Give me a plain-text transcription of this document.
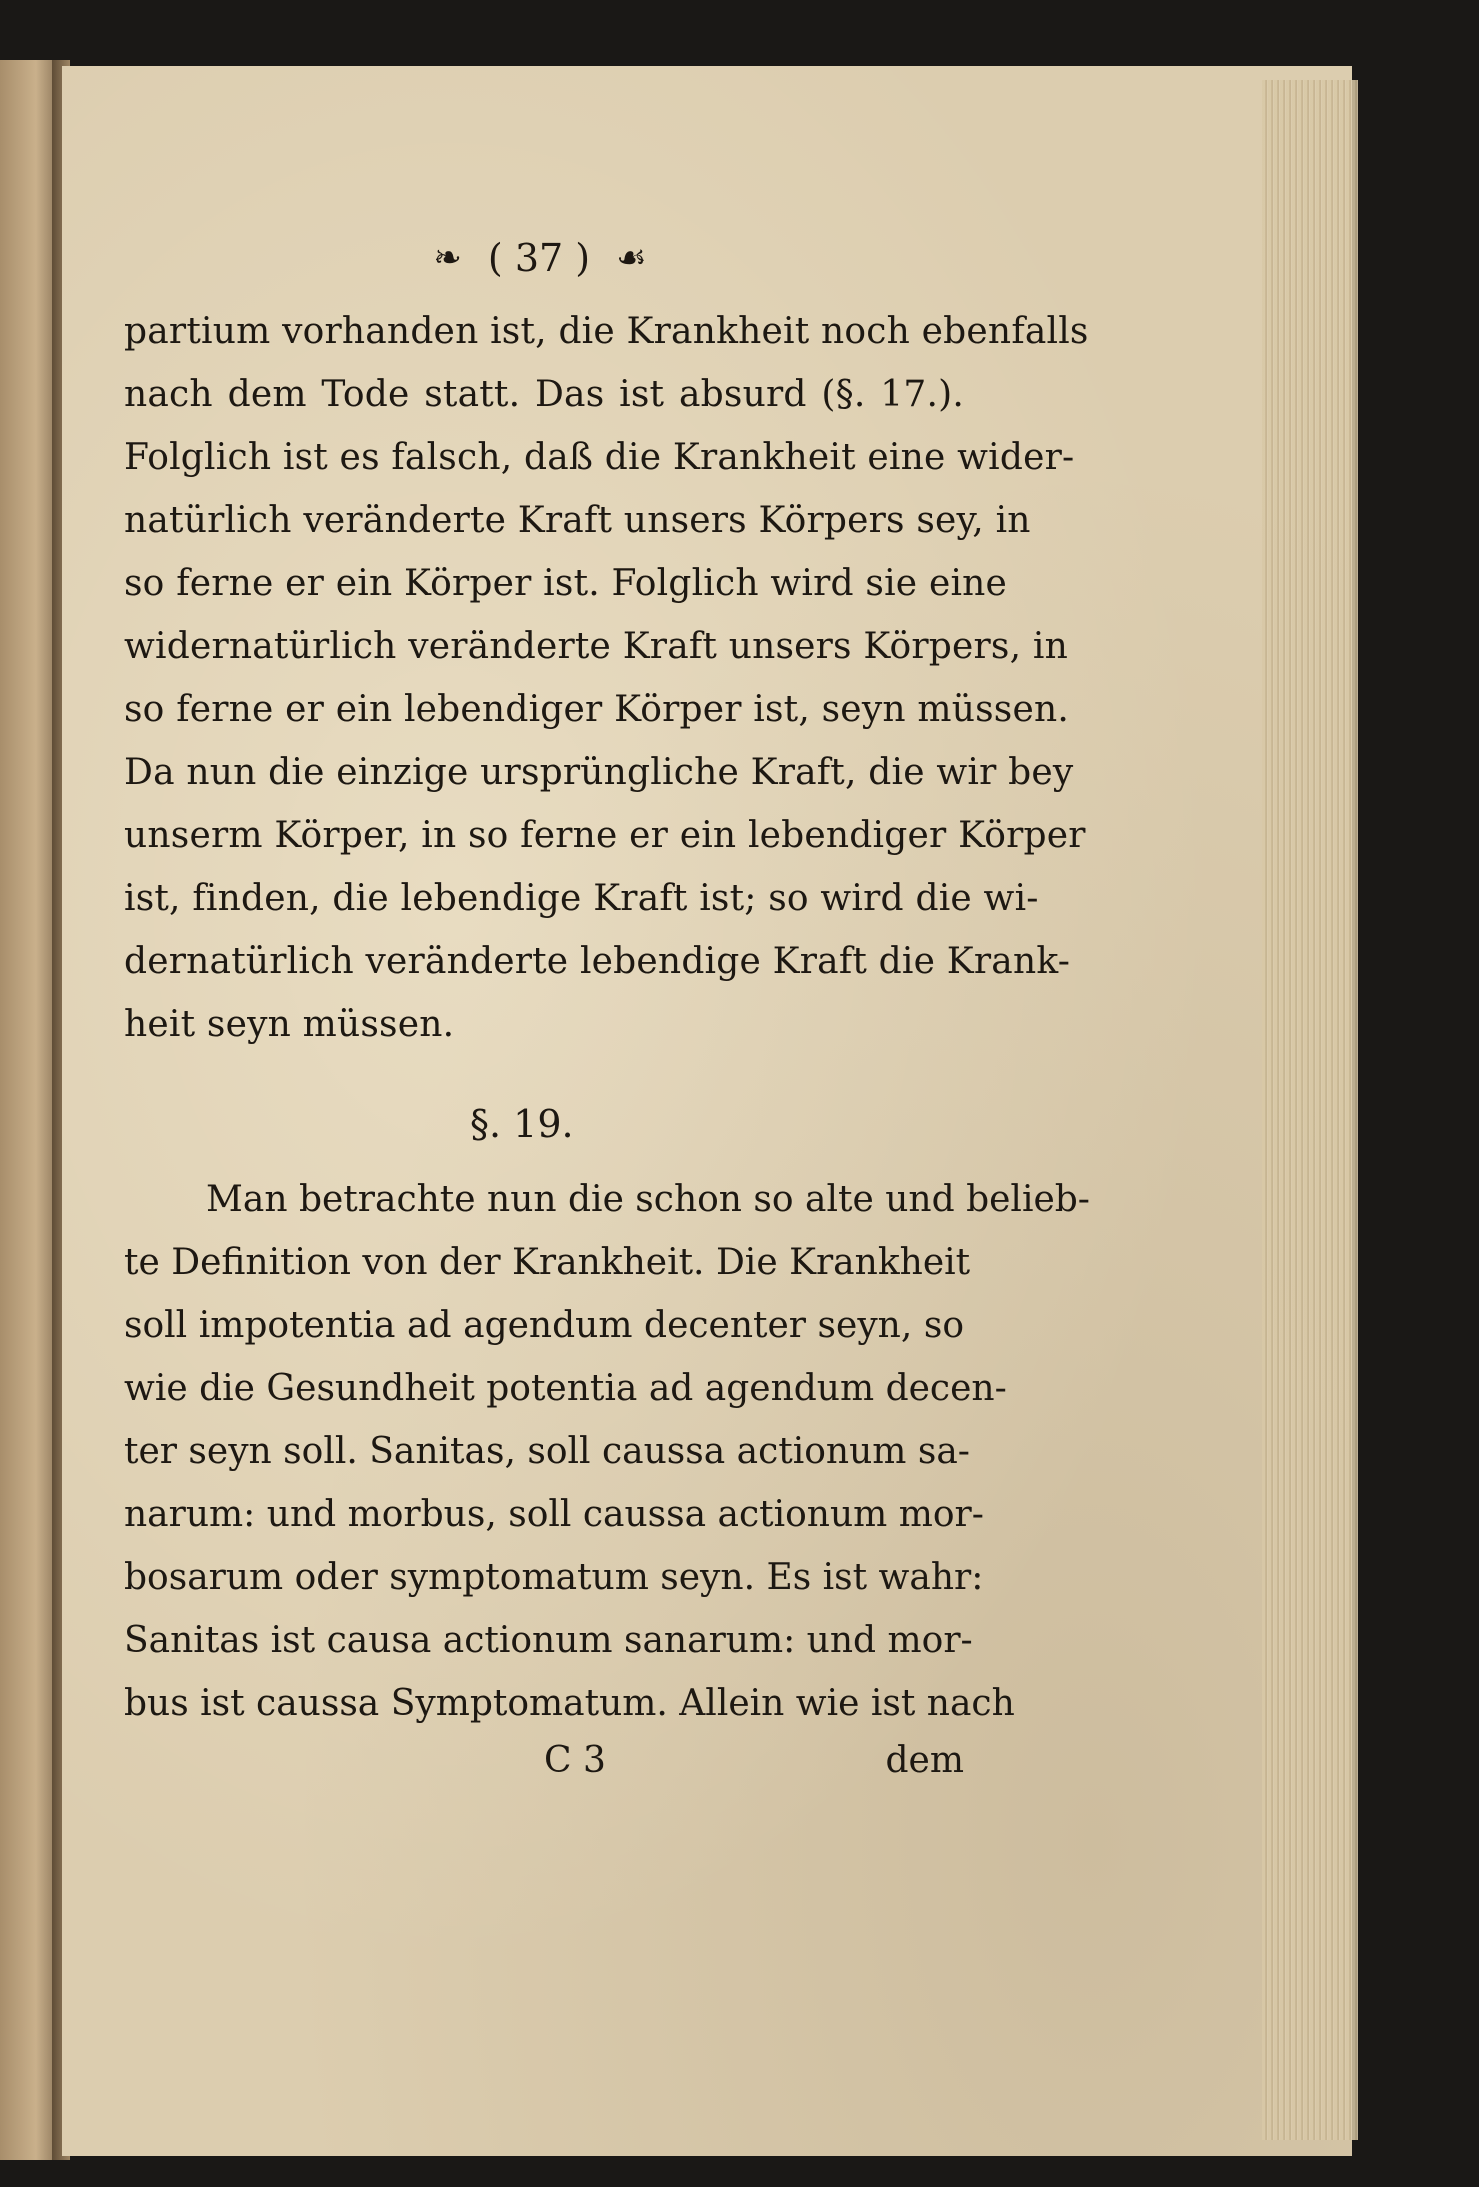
❧ ( 37 ) ☙
partium vorhanden ist, die Krankheit noch ebenfalls
nach dem Tode statt. Das ist absurd (§. 17.).
Folglich ist es falsch, daß die Krankheit eine wider-
natürlich veränderte Kraft unsers Körpers sey, in
so ferne er ein Körper ist. Folglich wird sie eine
widernatürlich veränderte Kraft unsers Körpers, in
so ferne er ein lebendiger Körper ist, seyn müssen.
Da nun die einzige ursprüngliche Kraft, die wir bey
unserm Körper, in so ferne er ein lebendiger Körper
ist, finden, die lebendige Kraft ist; so wird die wi-
dernatürlich veränderte lebendige Kraft die Krank-
heit seyn müssen.
§. 19.
Man betrachte nun die schon so alte und belieb-
te Definition von der Krankheit. Die Krankheit
soll impotentia ad agendum decenter seyn, so
wie die Gesundheit potentia ad agendum decen-
ter seyn soll. Sanitas, soll caussa actionum sa-
narum: und morbus, soll caussa actionum mor-
bosarum oder symptomatum seyn. Es ist wahr:
Sanitas ist causa actionum sanarum: und mor-
bus ist caussa Symptomatum. Allein wie ist nach
C 3	dem
